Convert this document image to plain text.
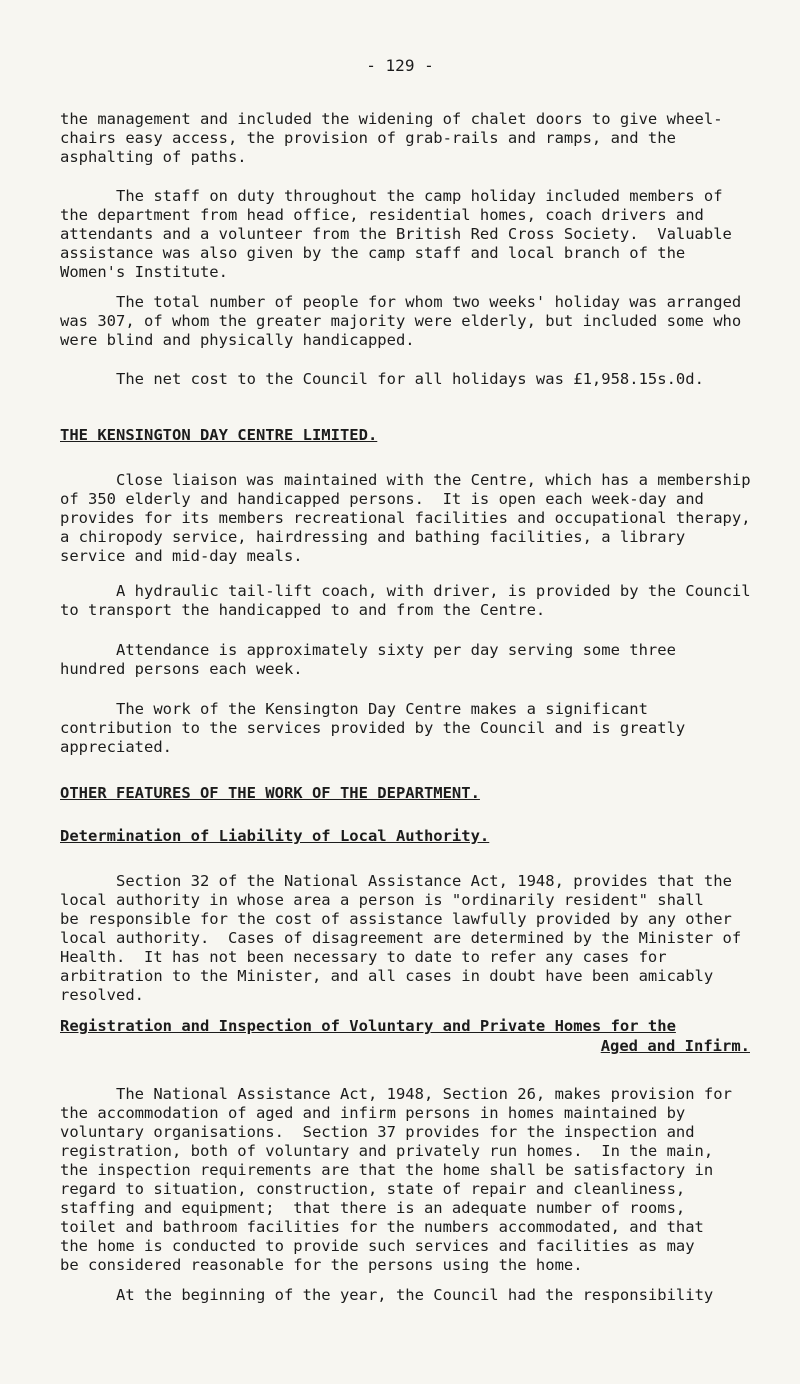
- 129 -

the management and included the widening of chalet doors to give wheel-
chairs easy access, the provision of grab-rails and ramps, and the
asphalting of paths.

The staff on duty throughout the camp holiday included members of
the department from head office, residential homes, coach drivers and
attendants and a volunteer from the British Red Cross Society.  Valuable
assistance was also given by the camp staff and local branch of the
Women's Institute.

The total number of people for whom two weeks' holiday was arranged
was 307, of whom the greater majority were elderly, but included some who
were blind and physically handicapped.

The net cost to the Council for all holidays was £1,958.15s.0d.

THE KENSINGTON DAY CENTRE LIMITED.

Close liaison was maintained with the Centre, which has a membership
of 350 elderly and handicapped persons.  It is open each week-day and
provides for its members recreational facilities and occupational therapy,
a chiropody service, hairdressing and bathing facilities, a library
service and mid-day meals.

A hydraulic tail-lift coach, with driver, is provided by the Council
to transport the handicapped to and from the Centre.

Attendance is approximately sixty per day serving some three
hundred persons each week.

The work of the Kensington Day Centre makes a significant
contribution to the services provided by the Council and is greatly
appreciated.

OTHER FEATURES OF THE WORK OF THE DEPARTMENT.

Determination of Liability of Local Authority.

Section 32 of the National Assistance Act, 1948, provides that the
local authority in whose area a person is "ordinarily resident" shall
be responsible for the cost of assistance lawfully provided by any other
local authority.  Cases of disagreement are determined by the Minister of
Health.  It has not been necessary to date to refer any cases for
arbitration to the Minister, and all cases in doubt have been amicably
resolved.

Registration and Inspection of Voluntary and Private Homes for the

Aged and Infirm.

The National Assistance Act, 1948, Section 26, makes provision for
the accommodation of aged and infirm persons in homes maintained by
voluntary organisations.  Section 37 provides for the inspection and
registration, both of voluntary and privately run homes.  In the main,
the inspection requirements are that the home shall be satisfactory in
regard to situation, construction, state of repair and cleanliness,
staffing and equipment;  that there is an adequate number of rooms,
toilet and bathroom facilities for the numbers accommodated, and that
the home is conducted to provide such services and facilities as may
be considered reasonable for the persons using the home.

At the beginning of the year, the Council had the responsibility
